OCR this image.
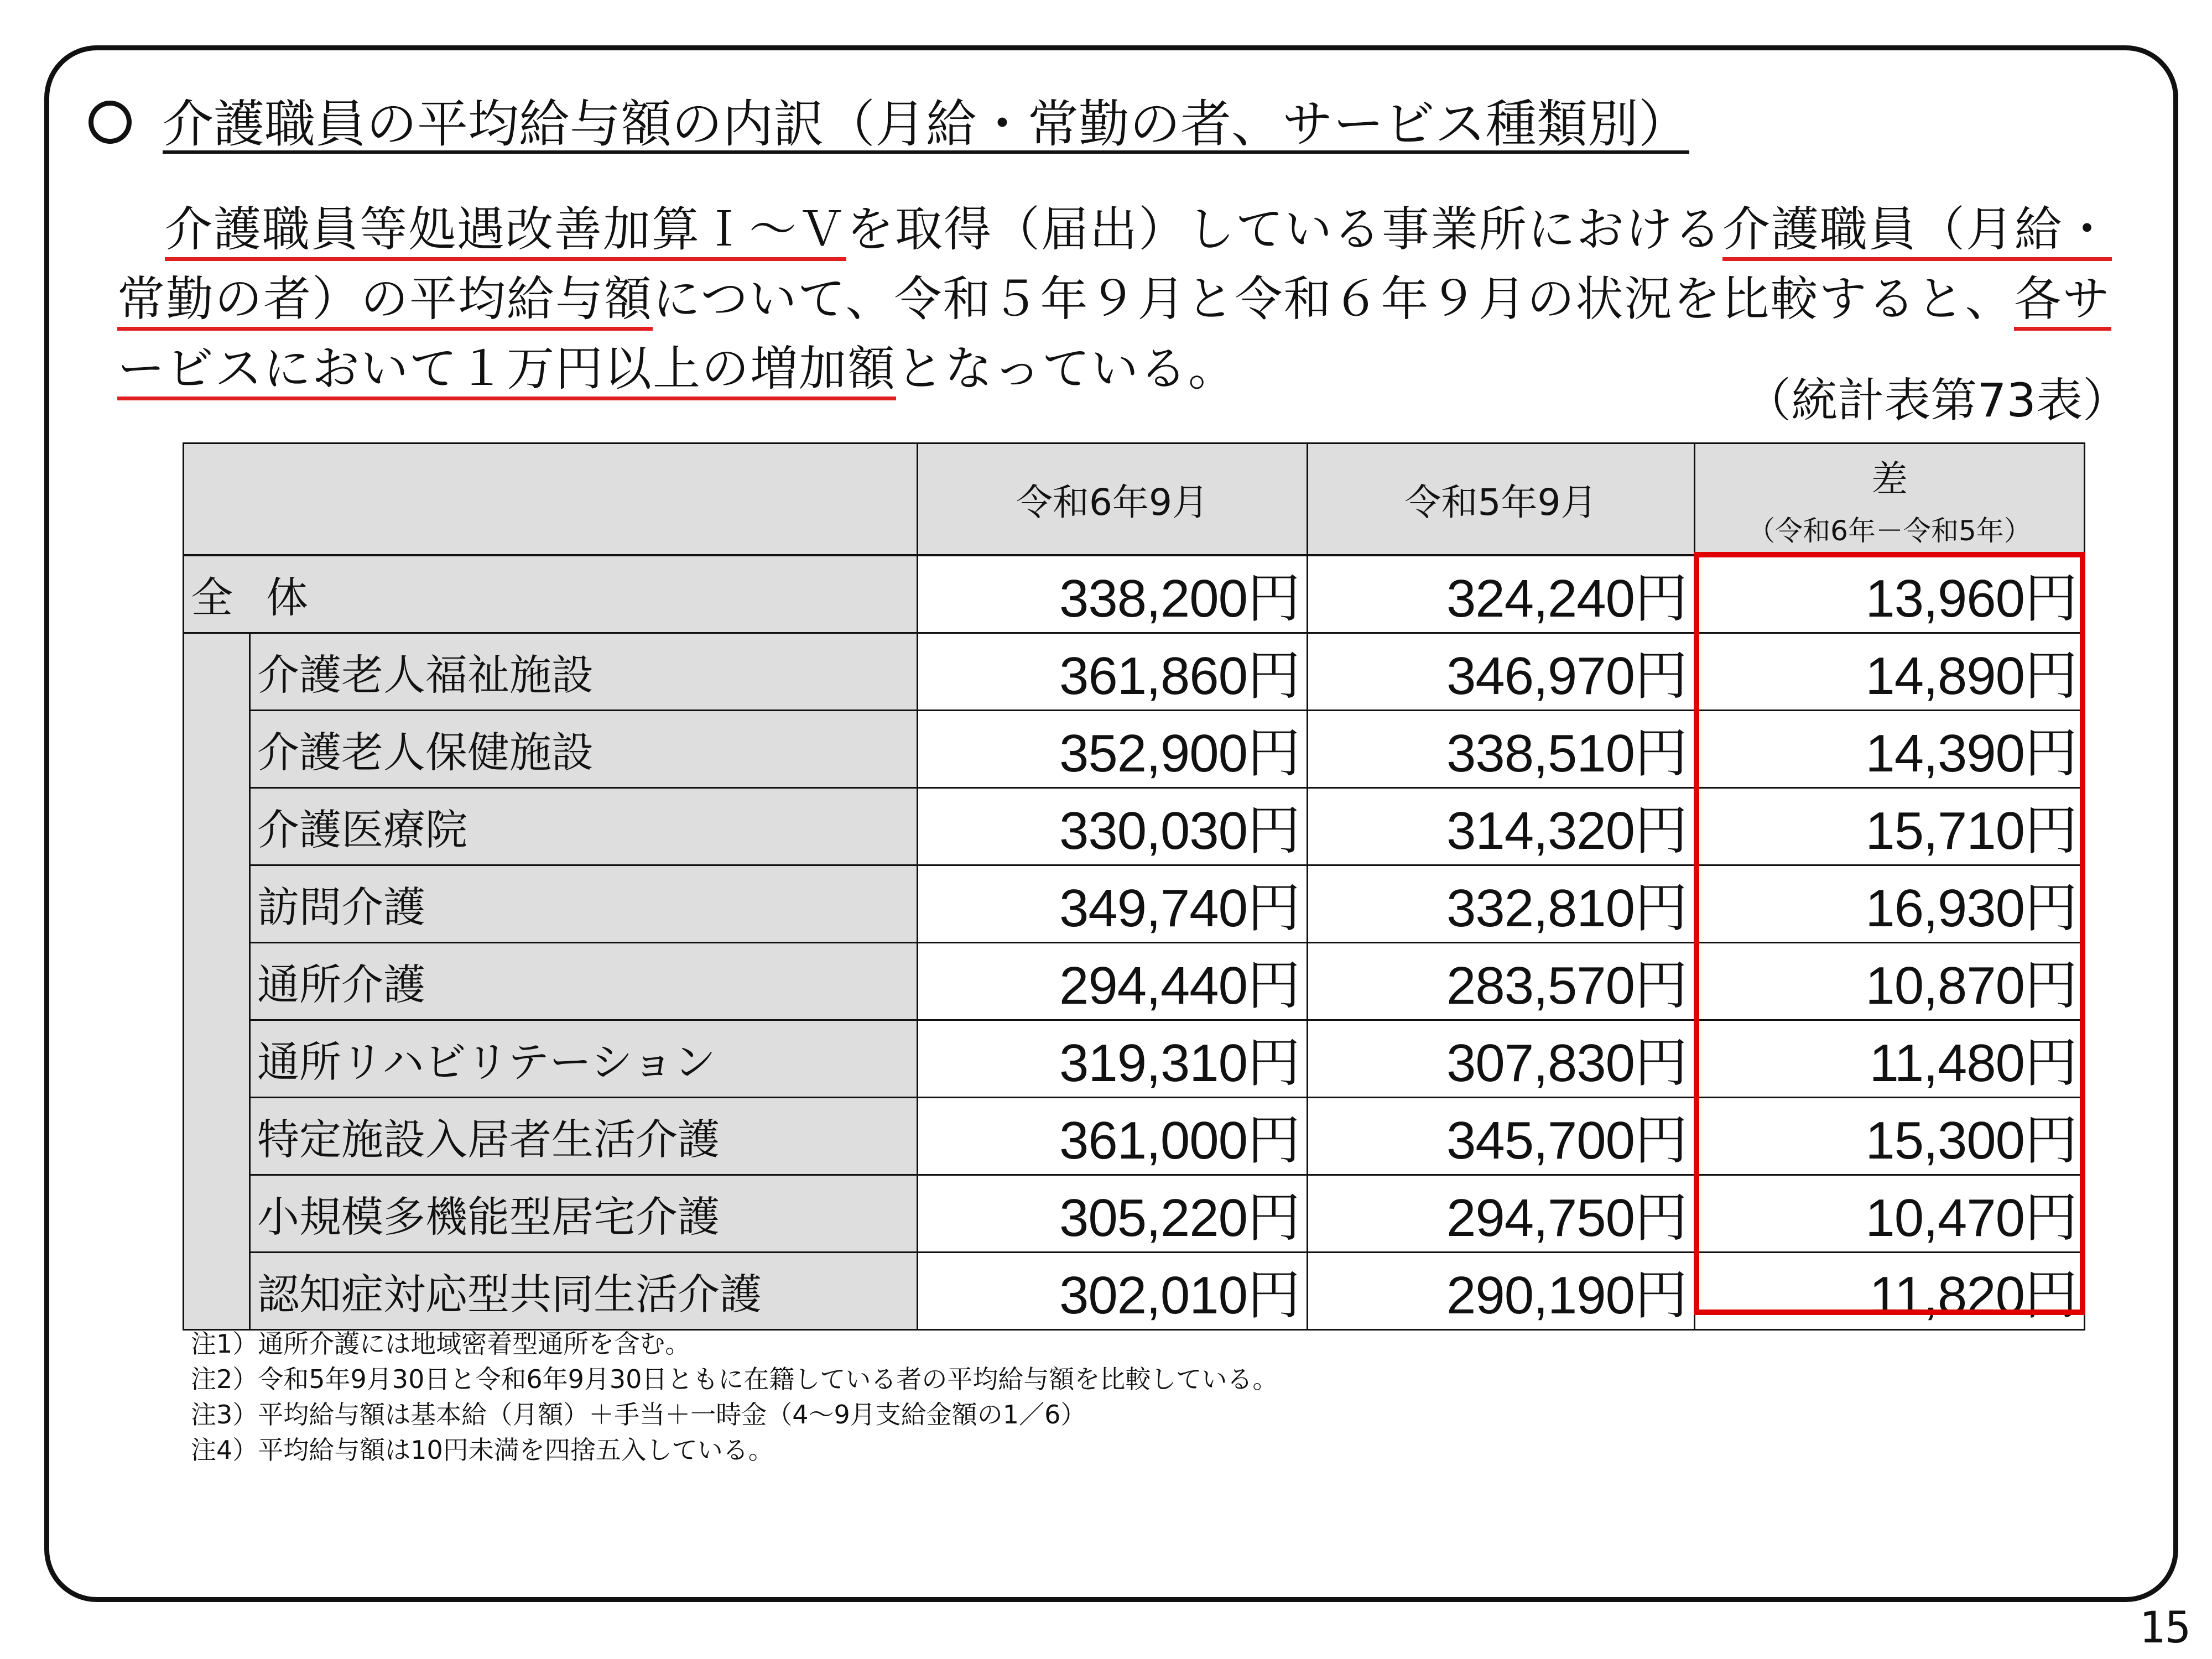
介護職員の平均給与額の内訳（月給・常勤の者、サービス種類別）
介護職員等処遇改善加算Ｉ～Ｖを取得（届出）している事業所における介護職員（月給・常勤の者）の平均給与額について、令和５年９月と令和６年９月の状況を比較すると、各サービスにおいて１万円以上の増加額となっている。
（統計表第73表）
		令和6年9月	令和5年9月	差
（令和6年－令和5年）

全体		338,200円	324,240円	13,960円
	介護老人福祉施設	361,860円	346,970円	14,890円
	介護老人保健施設	352,900円	338,510円	14,390円
	介護医療院	330,030円	314,320円	15,710円
	訪問介護	349,740円	332,810円	16,930円
	通所介護	294,440円	283,570円	10,870円
	通所リハビリテーション	319,310円	307,830円	11,480円
	特定施設入居者生活介護	361,000円	345,700円	15,300円
	小規模多機能型居宅介護	305,220円	294,750円	10,470円
	認知症対応型共同生活介護	302,010円	290,190円	11,820円
注1）通所介護には地域密着型通所を含む。
注2）令和5年9月30日と令和6年9月30日ともに在籍している者の平均給与額を比較している。
注3）平均給与額は基本給（月額）＋手当＋一時金（4～9月支給金額の1／6）
注4）平均給与額は10円未満を四捨五入している。
15
